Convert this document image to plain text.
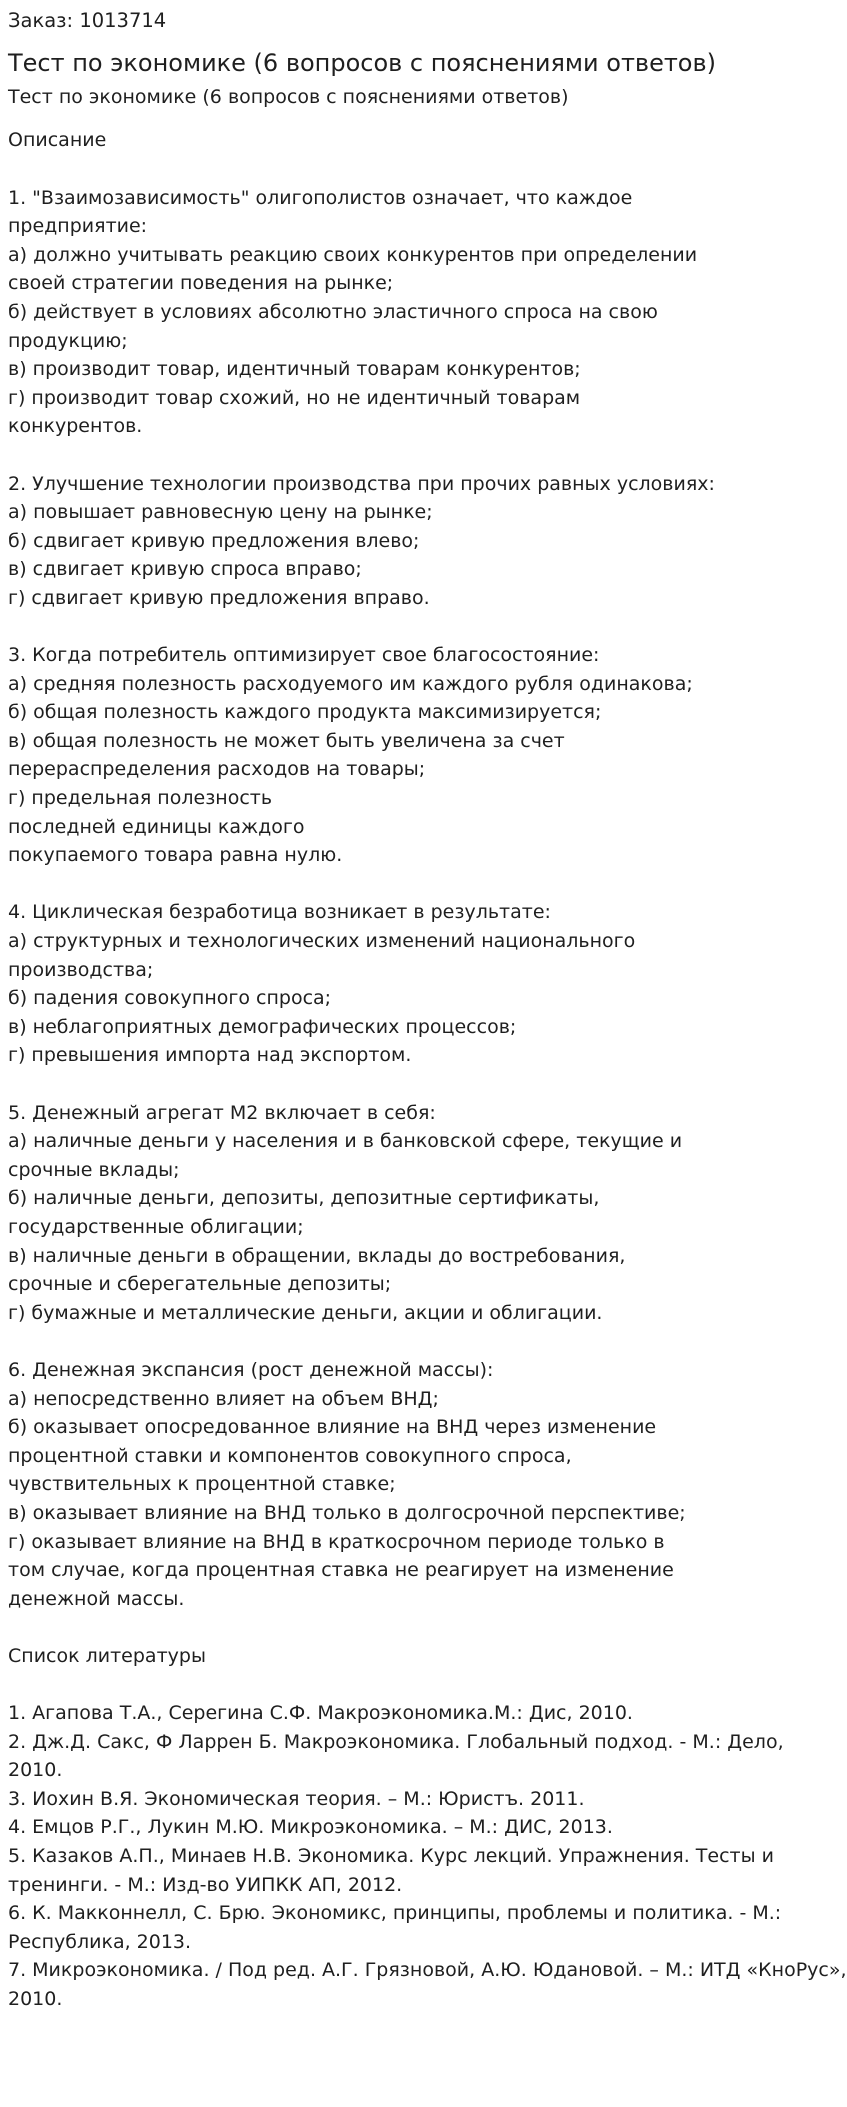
Заказ: 1013714

Тест по экономике (6 вопросов с пояснениями ответов)

Тест по экономике (6 вопросов с пояснениями ответов)

Описание

1. "Взаимозависимость" олигополистов означает, что каждое

предприятие:

а) должно учитывать реакцию своих конкурентов при определении

своей стратегии поведения на рынке;

б) действует в условиях абсолютно эластичного спроса на свою

продукцию;

в) производит товар, идентичный товарам конкурентов;

г) производит товар схожий, но не идентичный товарам

конкурентов.

2. Улучшение технологии производства при прочих равных условиях:

а) повышает равновесную цену на рынке;

б) сдвигает кривую предложения влево;

в) сдвигает кривую спроса вправо;

г) сдвигает кривую предложения вправо.

3. Когда потребитель оптимизирует свое благосостояние:

а) средняя полезность расходуемого им каждого рубля одинакова;

б) общая полезность каждого продукта максимизируется;

в) общая полезность не может быть увеличена за счет

перераспределения расходов на товары;

г) предельная полезность

последней единицы каждого

покупаемого товара равна нулю.

4. Циклическая безработица возникает в результате:

а) структурных и технологических изменений национального

производства;

б) падения совокупного спроса;

в) неблагоприятных демографических процессов;

г) превышения импорта над экспортом.

5. Денежный агрегат М2 включает в себя:

а) наличные деньги у населения и в банковской сфере, текущие и

срочные вклады;

б) наличные деньги, депозиты, депозитные сертификаты,

государственные облигации;

в) наличные деньги в обращении, вклады до востребования,

срочные и сберегательные депозиты;

г) бумажные и металлические деньги, акции и облигации.

6. Денежная экспансия (рост денежной массы):

а) непосредственно влияет на объем ВНД;

б) оказывает опосредованное влияние на ВНД через изменение

процентной ставки и компонентов совокупного спроса,

чувствительных к процентной ставке;

в) оказывает влияние на ВНД только в долгосрочной перспективе;

г) оказывает влияние на ВНД в краткосрочном периоде только в

том случае, когда процентная ставка не реагирует на изменение

денежной массы.

Список литературы

1. Агапова Т.А., Серегина С.Ф. Макроэкономика.М.: Дис, 2010.

2. Дж.Д. Сакс, Ф Ларрен Б. Макроэкономика. Глобальный подход. - М.: Дело,

2010.

3. Иохин В.Я. Экономическая теория. – М.: Юристъ. 2011.

4. Емцов Р.Г., Лукин М.Ю. Микроэкономика. – М.: ДИС, 2013.

5. Казаков А.П., Минаев Н.В. Экономика. Курс лекций. Упражнения. Тесты и

тренинги. - М.: Изд-во УИПКК АП, 2012.

6. К. Макконнелл, С. Брю. Экономикс, принципы, проблемы и политика. - М.:

Республика, 2013.

7. Микроэкономика. / Под ред. А.Г. Грязновой, А.Ю. Юдановой. – М.: ИТД «КноРус»,

2010.
